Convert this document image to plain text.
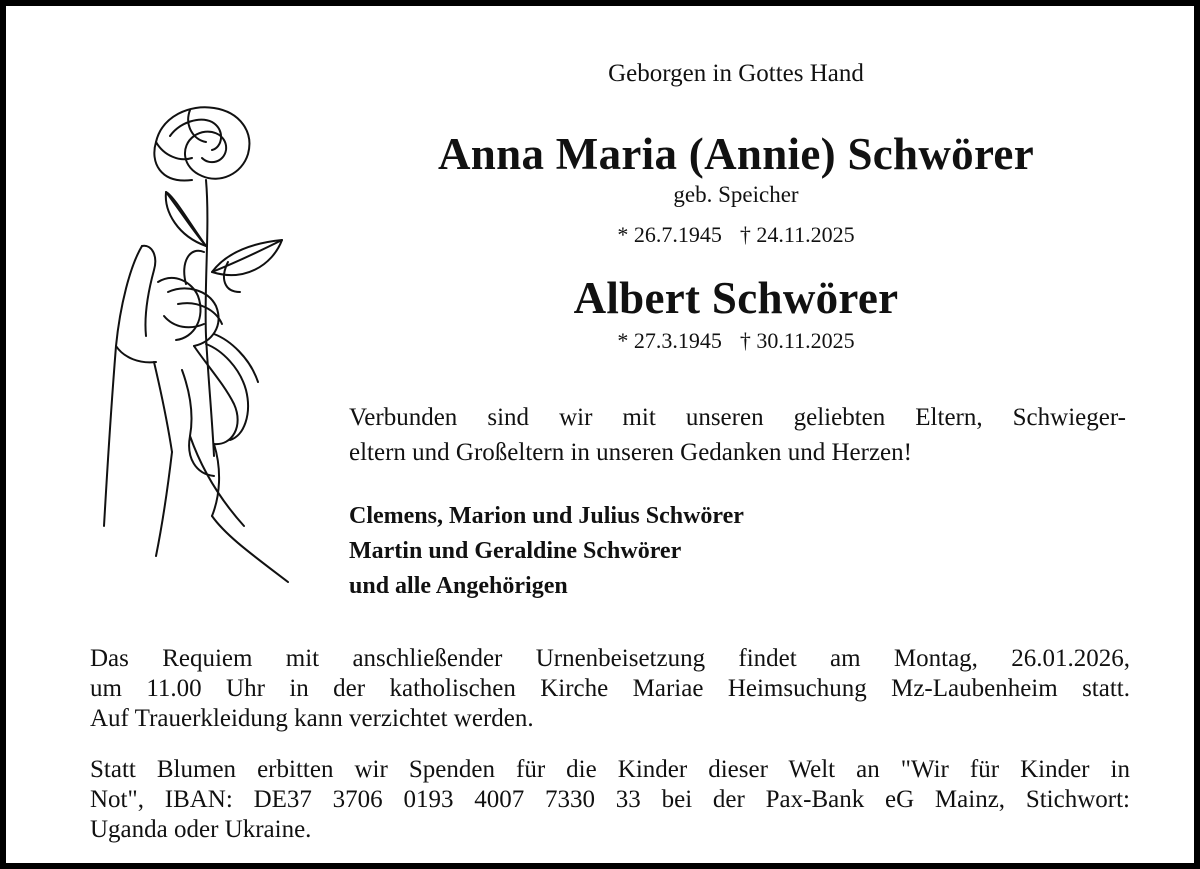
Geborgen in Gottes Hand
Anna Maria (Annie) Schwörer
geb. Speicher
* 26.7.1945 † 24.11.2025
Albert Schwörer
* 27.3.1945 † 30.11.2025
Verbunden sind wir mit unseren geliebten Eltern, Schwieger-
eltern und Großeltern in unseren Gedanken und Herzen!
Clemens, Marion und Julius Schwörer
Martin und Geraldine Schwörer
und alle Angehörigen
Das Requiem mit anschließender Urnenbeisetzung findet am Montag, 26.01.2026,
um 11.00 Uhr in der katholischen Kirche Mariae Heimsuchung Mz-Laubenheim statt.
Auf Trauerkleidung kann verzichtet werden.
Statt Blumen erbitten wir Spenden für die Kinder dieser Welt an "Wir für Kinder in
Not", IBAN: DE37 3706 0193 4007 7330 33 bei der Pax-Bank eG Mainz, Stichwort:
Uganda oder Ukraine.
